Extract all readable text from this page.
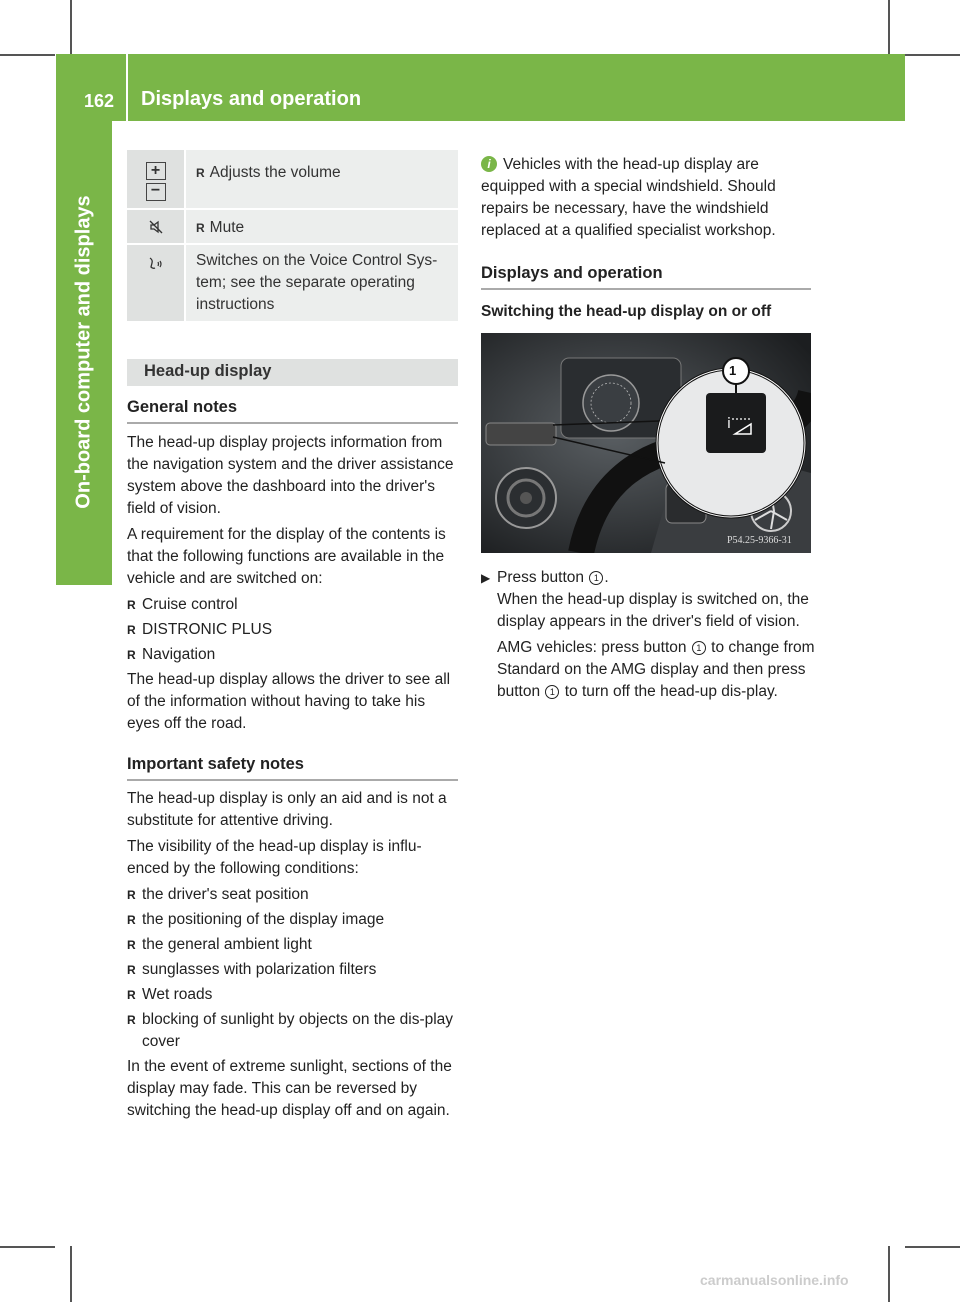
162 Displays and operation
On-board computer and displays
+
−
R Adjusts the volume
R Mute
Switches on the Voice Control Sys-tem; see the separate operating instructions
Head-up display
General notes

The head-up display projects information from the navigation system and the driver assistance system above the dashboard into the driver's field of vision.

A requirement for the display of the contents is that the following functions are available in the vehicle and are switched on:

R Cruise control
R DISTRONIC PLUS
R Navigation

The head-up display allows the driver to see all of the information without having to take his eyes off the road.

Important safety notes

The head-up display is only an aid and is not a substitute for attentive driving.

The visibility of the head-up display is influ-enced by the following conditions:

R the driver's seat position
R the positioning of the display image
R the general ambient light
R sunglasses with polarization filters
R Wet roads
R blocking of sunlight by objects on the dis-play cover

In the event of extreme sunlight, sections of the display may fade. This can be reversed by switching the head-up display off and on again.

i Vehicles with the head-up display are equipped with a special windshield. Should repairs be necessary, have the windshield replaced at a qualified specialist workshop.

Displays and operation
Switching the head-up display on or off
i
1
P54.25-9366-31
▶ Press button 1 .

When the head-up display is switched on, the display appears in the driver's field of vision.

AMG vehicles: press button 1 to change from Standard on the AMG display and then press button 1 to turn off the head-up dis-play.

carmanualsonline.info
